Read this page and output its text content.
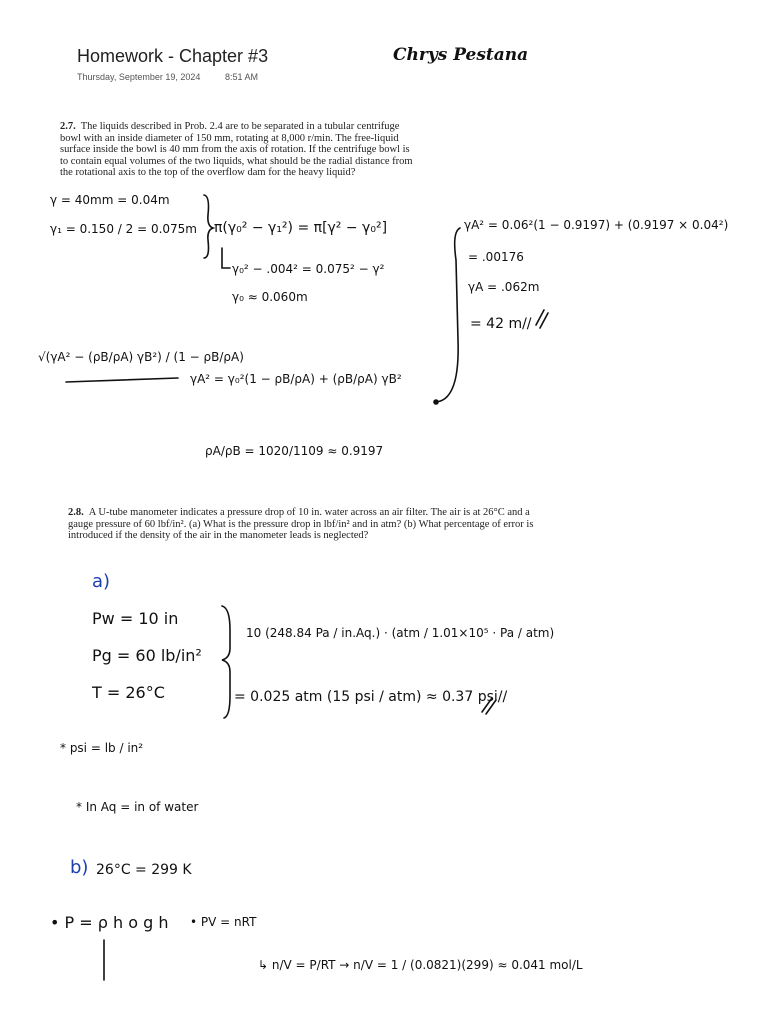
Homework - Chapter #3
Thursday, September 19, 2024	8:51 AM
Chrys Pestana
2.7. The liquids described in Prob. 2.4 are to be separated in a tubular centrifuge bowl with an inside diameter of 150 mm, rotating at 8,000 r/min. The free-liquid surface inside the bowl is 40 mm from the axis of rotation. If the centrifuge bowl is to contain equal volumes of the two liquids, what should be the radial distance from the rotational axis to the top of the overflow dam for the heavy liquid?
γ = 40mm = 0.04m
γ₁ = 0.150 / 2 = 0.075m π(γ₀² − γ₁²) = π[γ² − γ₀²]
γ₀² − .004² = 0.075² − γ²
γ₀ ≈ 0.060m
√(γA² − (ρB/ρA) γB²) / (1 − ρB/ρA)
γA² = γ₀²(1 − ρB/ρA) + (ρB/ρA) γB²
ρA/ρB = 1020/1109 ≈ 0.9197
γA² = 0.06²(1 − 0.9197) + (0.9197 × 0.04²)
= .00176
γA = .062m
= 42 m//
2.8. A U-tube manometer indicates a pressure drop of 10 in. water across an air filter. The air is at 26°C and a gauge pressure of 60 lbf/in². (a) What is the pressure drop in lbf/in² and in atm? (b) What percentage of error is introduced if the density of the air in the manometer leads is neglected?
a)
Pw = 10 in
Pg = 60 lb/in²
T = 26°C
10 (248.84 Pa / in.Aq.) · (atm / 1.01×10⁵ · Pa / atm)
= 0.025 atm (15 psi / atm) ≈ 0.37 psi//
* psi = lb / in²
* In Aq = in of water
b) 26°C = 299 K
• P = ρ h o g h • PV = nRT
↳ n/V = P/RT → n/V = 1 / (0.0821)(299) ≈ 0.041 mol/L
